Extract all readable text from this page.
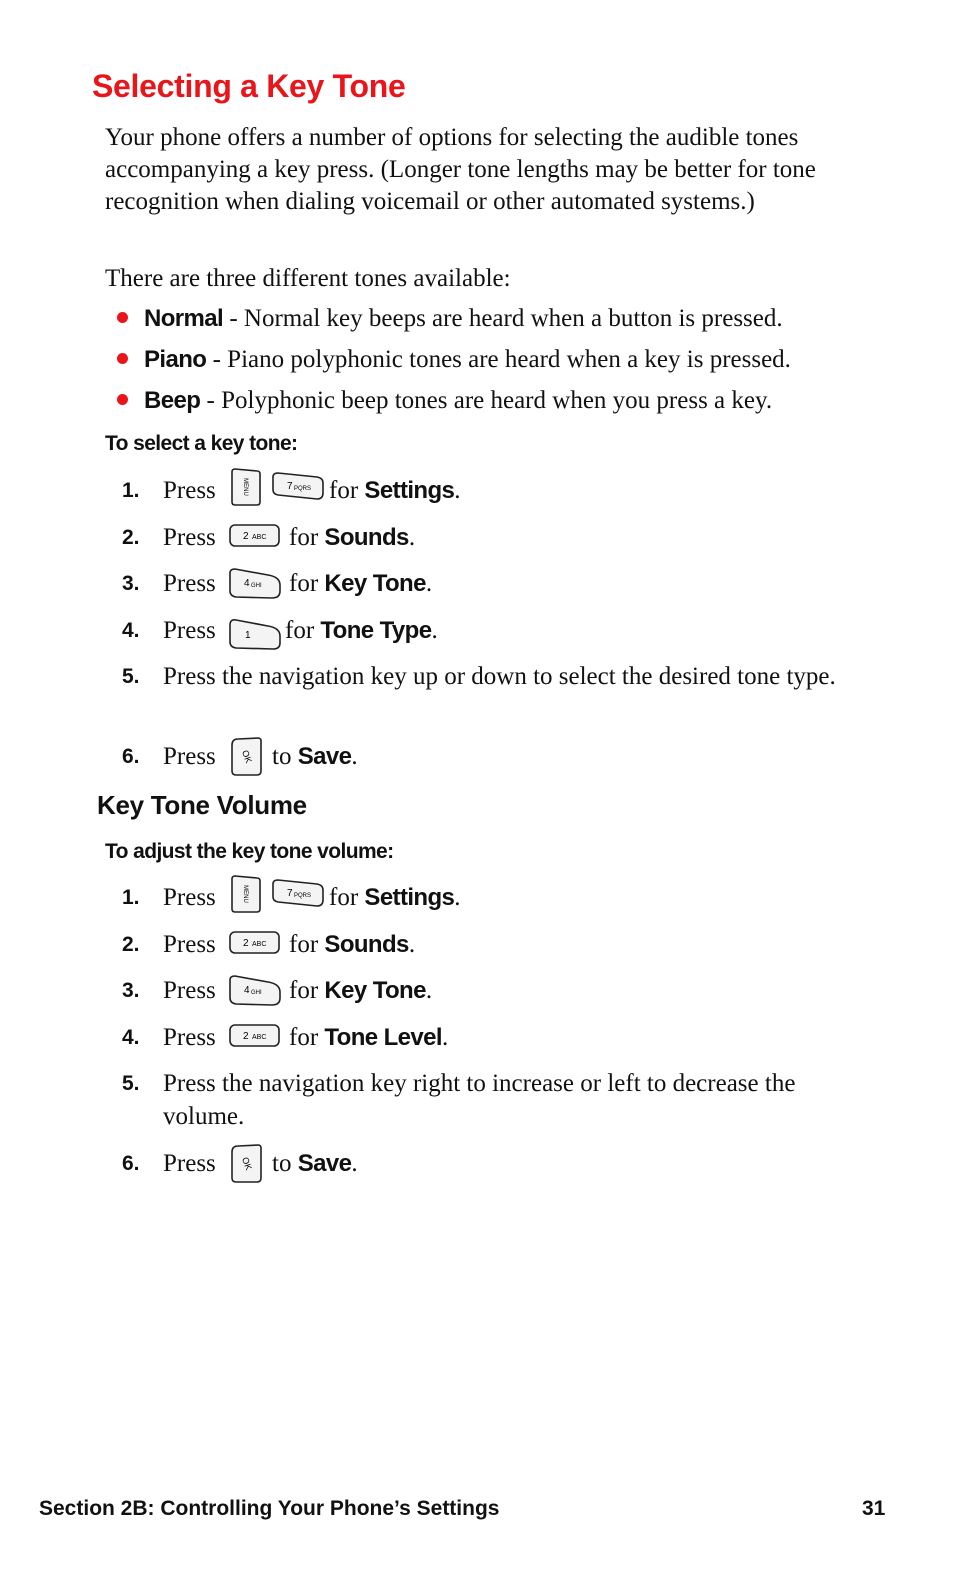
Selecting a Key Tone
Your phone offers a number of options for selecting the audible tones accompanying a key press. (Longer tone lengths may be better for tone recognition when dialing voicemail or other automated systems.)
There are three different tones available:
Normal - Normal key beeps are heard when a button is pressed.
Piano - Piano polyphonic tones are heard when a key is pressed.
Beep - Polyphonic beep tones are heard when you press a key.
To select a key tone:
1. Press	for Settings.
MENU	7 PQRS
2. Press	for Sounds.
2 ABC
3. Press	for Key Tone.
4 GHI
4. Press	for Tone Type.
1
5. Press the navigation key up or down to select the desired tone type.
6. Press to Save.
OK
Key Tone Volume
To adjust the key tone volume:
1. Press	for Settings.
MENU	7 PQRS
2. Press	for Sounds.
2 ABC
3. Press	for Key Tone.
4 GHI
4. Press	for Tone Level.
2 ABC
5. Press the navigation key right to increase or left to decrease the volume.
6. Press to Save.
OK
Section 2B: Controlling Your Phone’s Settings	31
